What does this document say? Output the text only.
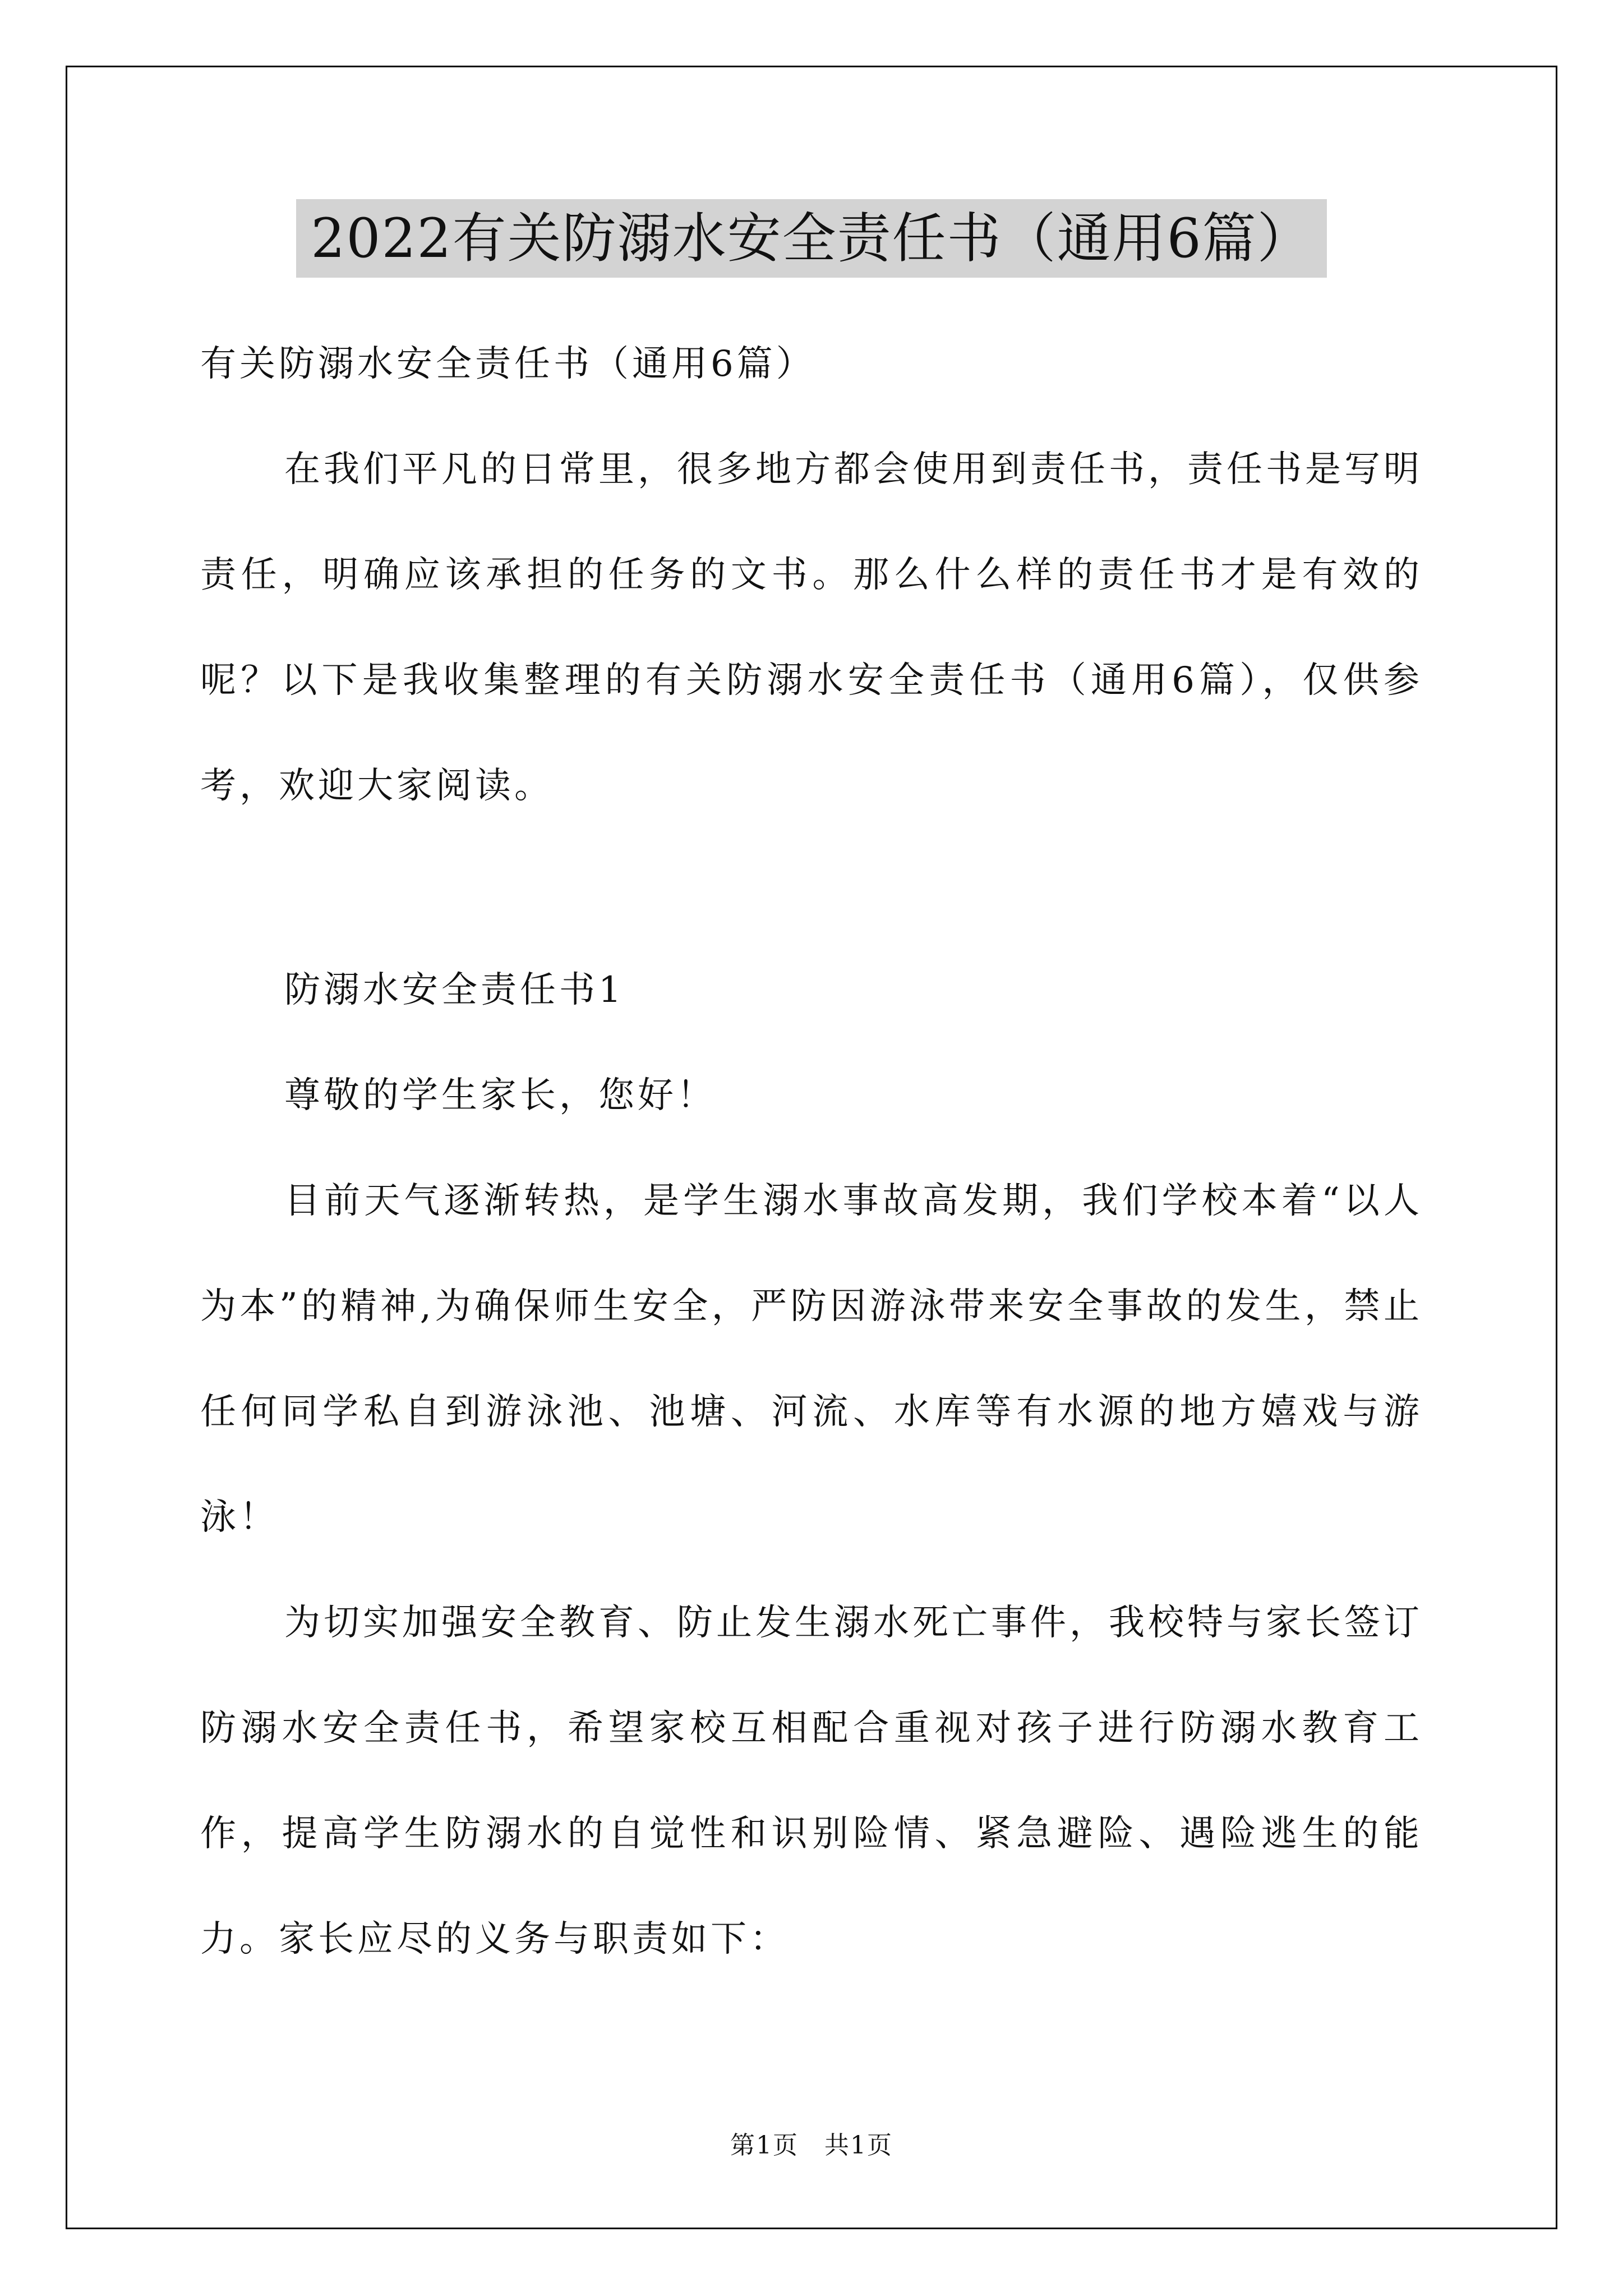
2022有关防溺水安全责任书（通用6篇）

有关防溺水安全责任书（通用6篇）

在我们平凡的日常里，很多地方都会使用到责任书，责任书是写明责任，明确应该承担的任务的文书。那么什么样的责任书才是有效的呢？以下是我收集整理的有关防溺水安全责任书（通用6篇），仅供参考，欢迎大家阅读。

防溺水安全责任书1

尊敬的学生家长，您好！

目前天气逐渐转热，是学生溺水事故高发期，我们学校本着“以人为本”的精神,为确保师生安全，严防因游泳带来安全事故的发生，禁止任何同学私自到游泳池、池塘、河流、水库等有水源的地方嬉戏与游泳！

为切实加强安全教育、防止发生溺水死亡事件，我校特与家长签订防溺水安全责任书，希望家校互相配合重视对孩子进行防溺水教育工作，提高学生防溺水的自觉性和识别险情、紧急避险、遇险逃生的能力。家长应尽的义务与职责如下：

第1页　共1页
